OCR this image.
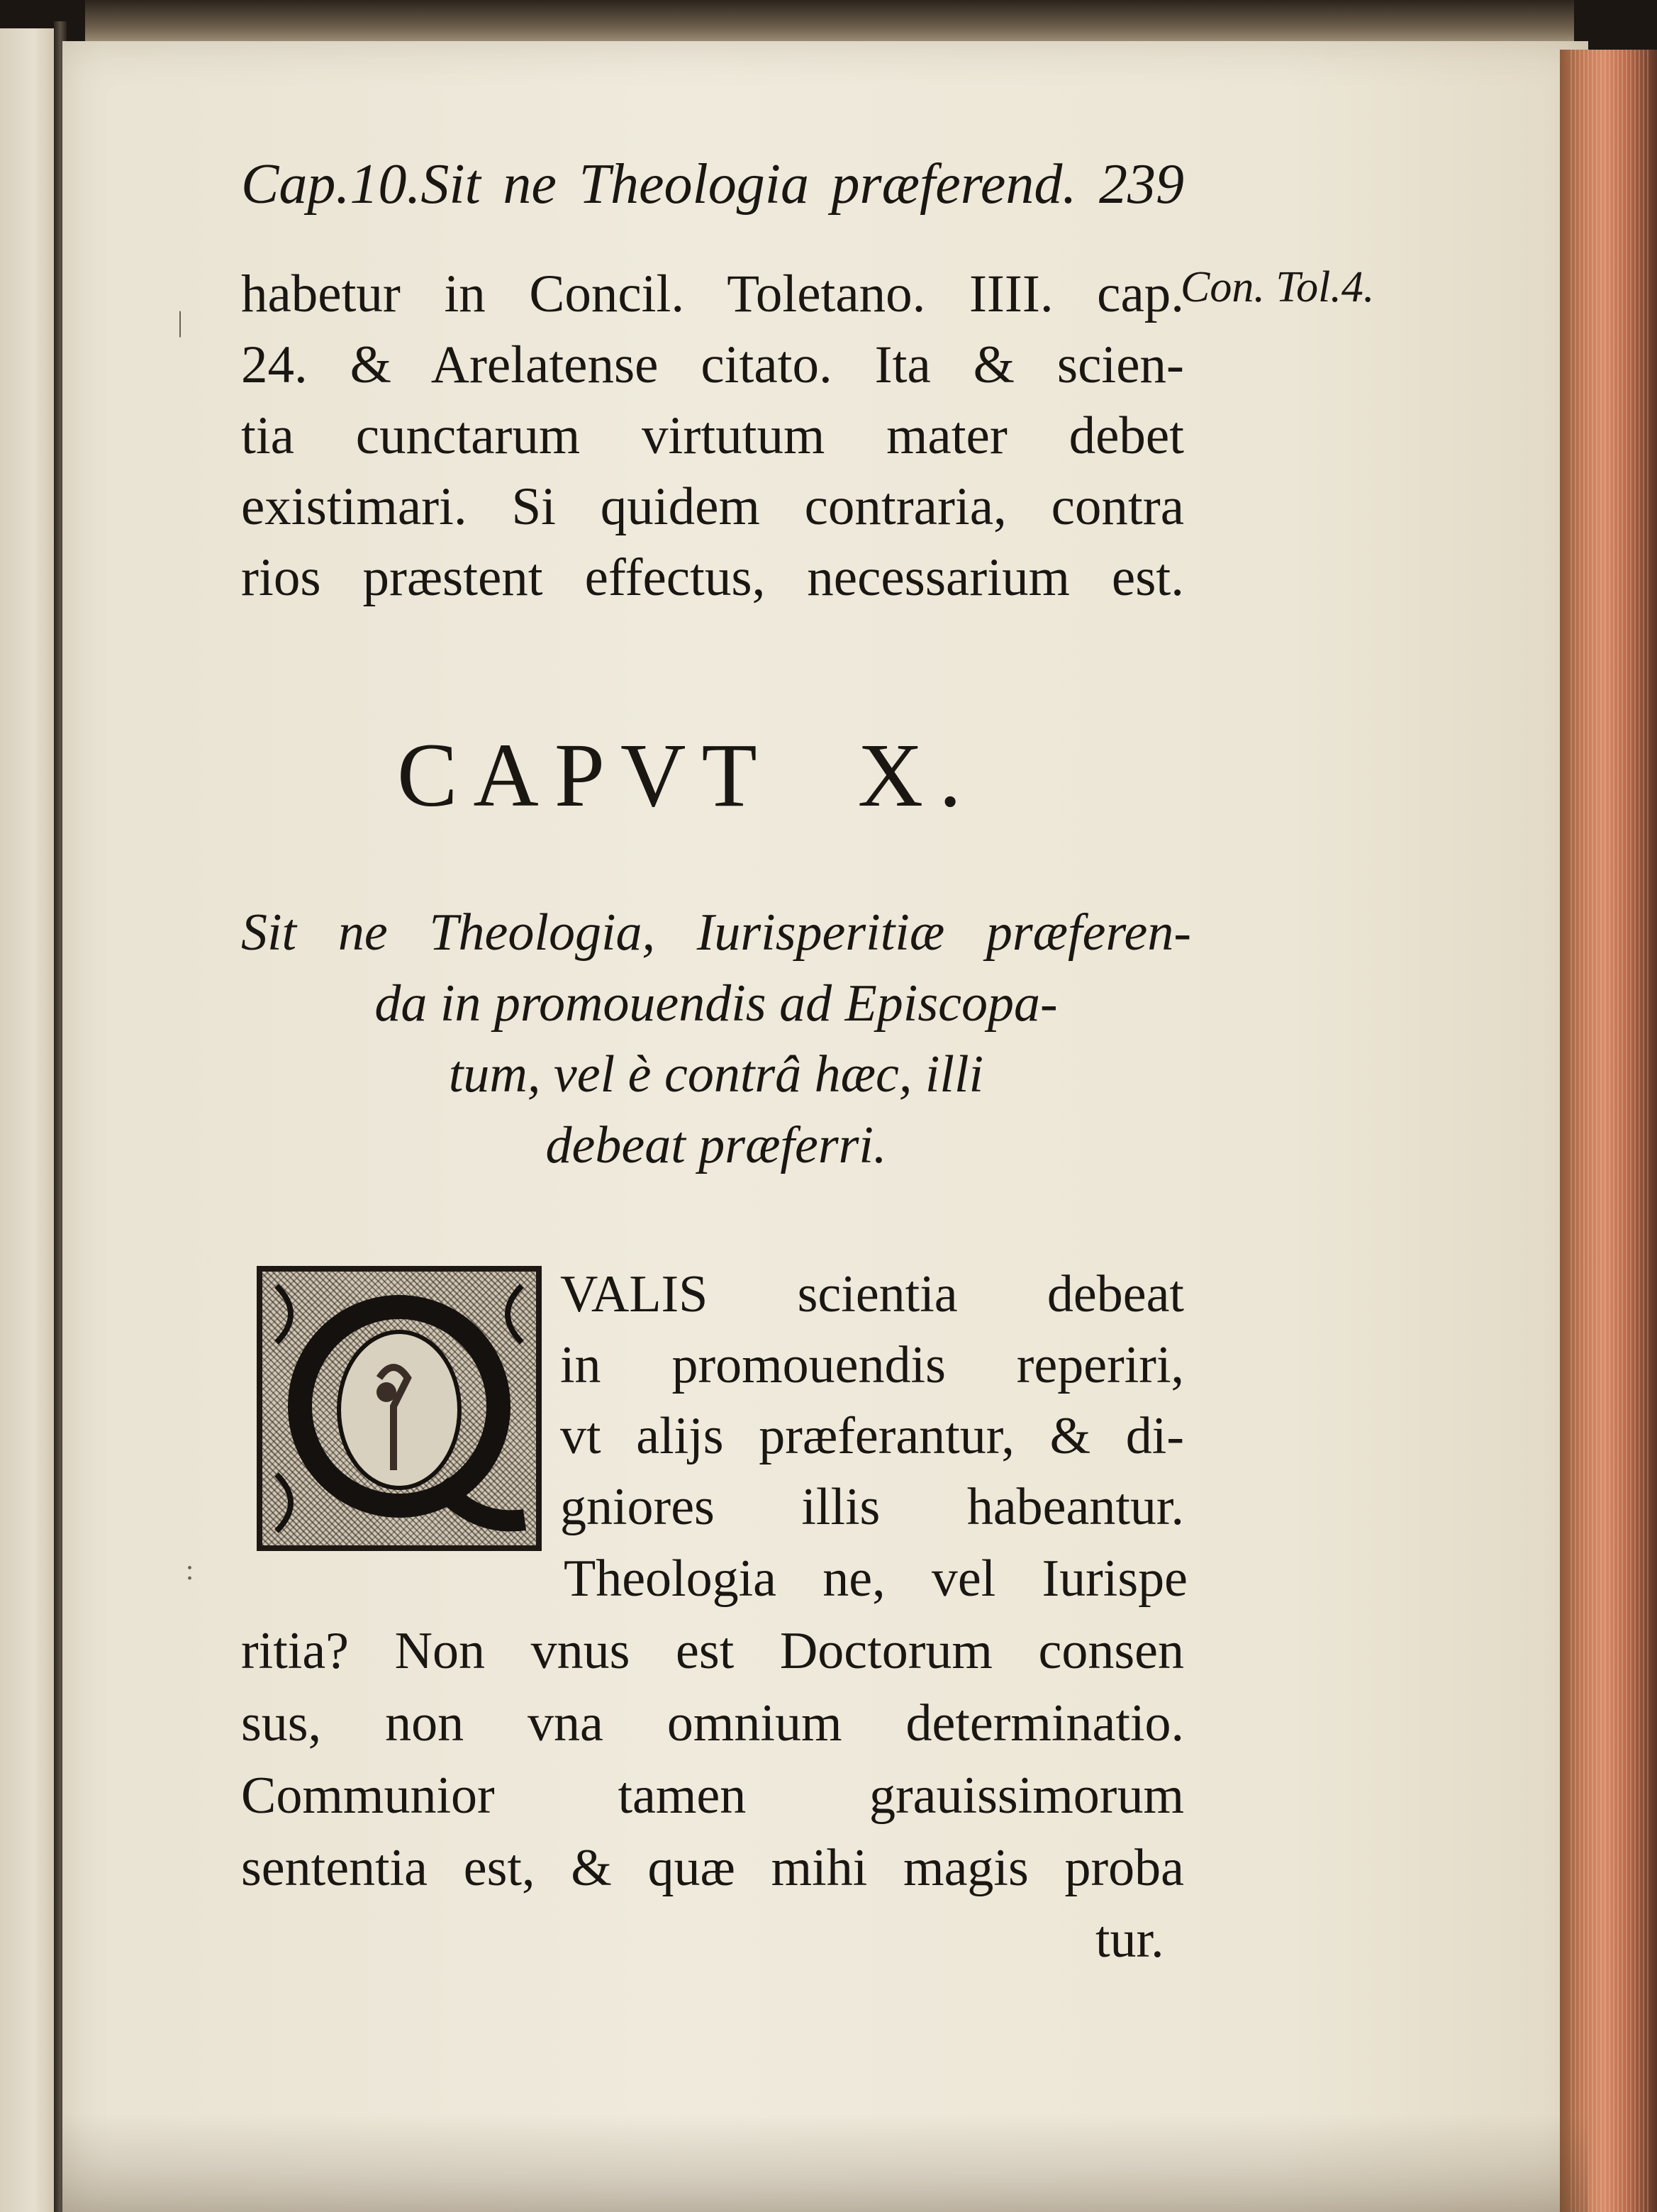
|
:
Cap.10.Sit ne Theologia præferend. 239
Con. Tol.4.
habetur in Concil. Toletano. IIII. cap.
24. & Arelatense citato. Ita & scien-
tia cunctarum virtutum mater debet
existimari. Si quidem contraria, contra
rios præstent effectus, necessarium est.
CAPVT X.
Sit ne Theologia, Iurisperitiæ præferen-
da in promouendis ad Episcopa-
tum, vel è contrâ hæc, illi
debeat præferri.
VALIS scientia debeat
in promouendis reperiri,
vt alijs præferantur, & di-
gniores illis habeantur.
Theologia ne, vel Iurispe
ritia? Non vnus est Doctorum consen
sus, non vna omnium determinatio.
Communior tamen grauissimorum
sententia est, & quæ mihi magis proba
tur.
